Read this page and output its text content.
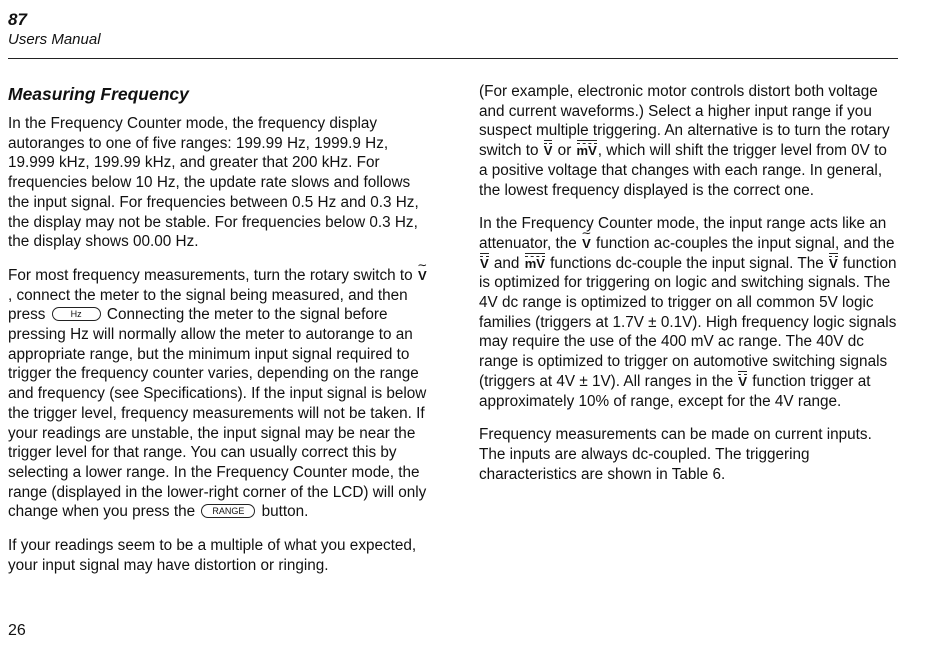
87
Users Manual
Measuring Frequency

In the Frequency Counter mode, the frequency display autoranges to one of five ranges: 199.99 Hz, 1999.9 Hz, 19.999 kHz, 199.99 kHz, and greater that 200 kHz. For frequencies below 10 Hz, the update rate slows and follows the input signal. For frequencies between 0.5 Hz and 0.3 Hz, the display may not be stable. For frequencies below 0.3 Hz, the display shows 00.00 Hz.

For most frequency measurements, turn the rotary switch to ∼ V, connect the meter to the signal being measured, and then press Hz Connecting the meter to the signal before pressing Hz will normally allow the meter to autorange to an appropriate range, but the minimum input signal required to trigger the frequency counter varies, depending on the range and frequency (see Specifications). If the input signal is below the trigger level, frequency measurements will not be taken. If your readings are unstable, the input signal may be near the trigger level for that range. You can usually correct this by selecting a lower range. In the Frequency Counter mode, the range (displayed in the lower-right corner of the LCD) will only change when you press the RANGE button.

If your readings seem to be a multiple of what you expected, your input signal may have distortion or ringing.

(For example, electronic motor controls distort both voltage and current waveforms.) Select a higher input range if you suspect multiple triggering. An alternative is to turn the rotary switch to V or mV, which will shift the trigger level from 0V to a positive voltage that changes with each range. In general, the lowest frequency displayed is the correct one.

In the Frequency Counter mode, the input range acts like an attenuator, the ∼ V function ac-couples the input signal, and the V and mV functions dc-couple the input signal. The V function is optimized for triggering on logic and switching signals. The 4V dc range is optimized to trigger on all common 5V logic families (triggers at 1.7V ± 0.1V). High frequency logic signals may require the use of the 400 mV ac range. The 40V dc range is optimized to trigger on automotive switching signals (triggers at 4V ± 1V). All ranges in the V function trigger at approximately 10% of range, except for the 4V range.

Frequency measurements can be made on current inputs. The inputs are always dc-coupled. The triggering characteristics are shown in Table 6.

26
